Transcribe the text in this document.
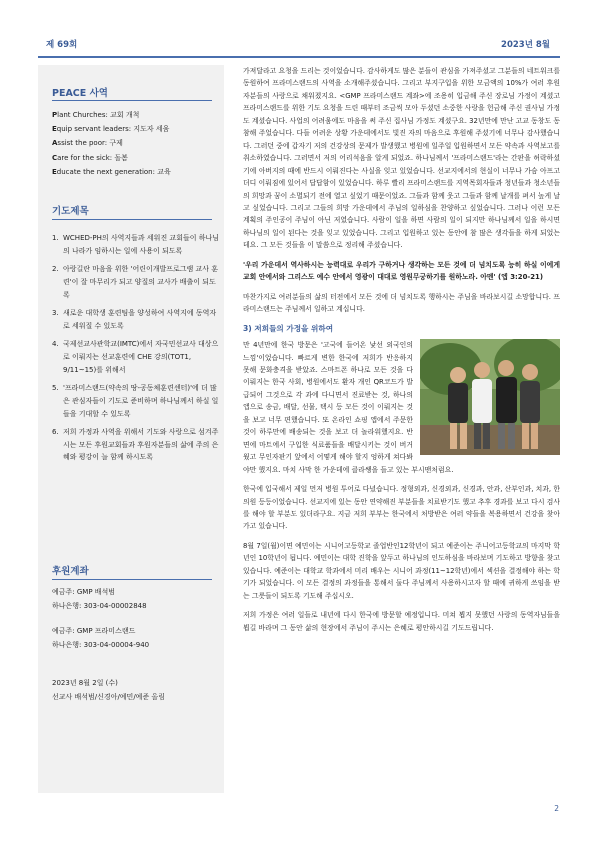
제 69회	2023년 8월
PEACE 사역
Plant Churches: 교회 개척
Equip servant leaders: 지도자 세움
Assist the poor: 구제
Care for the sick: 돌봄
Educate the next generation: 교육
기도제목
1. WCHED-PH의 사역지들과 세워진 교회들이 하나님의 나라가 임하시는 일에 사용이 되도록
2. 아랑길란 마음을 위한 '어린이개발프로그램 교사 훈련'이 잘 마무리가 되고 양질의 교사가 배출이 되도록
3. 새로운 대학생 훈련팀을 양성하여 사역지에 동역자로 세워질 수 있도록
4. 국제선교사관학교(IMTC)에서 자국민선교사 대상으로 이뤄지는 선교훈련에 CHE 강의(TOT1, 9/11~15)를 위해서
5. '프라미스랜드(약속의 땅-공동체훈련센터)'에 더 많은 관심자들이 기도로 준비하며 하나님께서 하실 일들을 기대할 수 있도록
6. 저희 가정과 사역을 위해서 기도와 사랑으로 섬겨주시는 모든 후원교회들과 후원자분들의 삶에 주의 은혜와 평강이 늘 함께 하시도록
후원계좌
예금주: GMP 배석범
하나은행: 303-04-00002848
예금주: GMP 프라미스랜드
하나은행: 303-04-00004-940
2023년 8월 2일 (수)
선교사 배석범/신경아/예민/예준 올림

가져달라고 요청을 드리는 것이었습니다. 감사하게도 많은 분들이 관심을 가져주셨고 그분들의 네트워크를 동원하여 프라미스랜드의 사역을 소개해주셨습니다. 그리고 부지구입을 위한 모금액의 10%가 여러 후원자분들의 사랑으로 채워졌지요. <GMP 프라미스랜드 계좌>에 조용히 입금해 주신 장로님 가정이 계셨고 프라미스랜드를 위한 기도 요청을 드린 때부터 조금씩 모아 두셨던 소중한 사랑을 헌금해 주신 권사님 가정도 계셨습니다. 사업의 어려움에도 마음을 써 주신 집사님 가정도 계셨구요. 32년만에 만난 고교 동창도 동참해 주었습니다. 다들 어려운 상황 가운데에서도 빛진 자의 마음으로 후원해 주셨기에 너무나 감사했습니다. 그러던 중에 갑자기 저의 건강상의 문제가 발생했고 병원에 일주일 입원하면서 모든 약속과 사역보고를 취소하였습니다. 그러면서 저의 어리석음을 알게 되었죠. 하나님께서 '프라미스랜드'라는 간판을 허락하셨기에 아버지의 때에 반드시 이뤄진다는 사실을 잊고 있었습니다. 선교지에서의 현실이 너무나 가슴 아프고 더디 이뤄짐에 있어서 답답함이 있었습니다. 하루 빨리 프라미스랜드를 지역목회자들과 청년들과 청소년들의 희망과 꿈이 소멸되기 전에 열고 싶었기 때문이었죠. 그들과 함께 웃고 그들과 함께 날개를 펴서 높게 날고 싶었습니다. 그리고 그들의 희망 가운데에서 주님의 일하심을 찬양하고 싶었습니다. 그러나 이런 모든 계획의 주인공이 주님이 아닌 저였습니다. 사람이 일을 하면 사람의 일이 되지만 하나님께서 일을 하시면 하나님의 일이 된다는 것을 잊고 있었습니다. 그리고 입원하고 있는 동안에 참 많은 생각들을 하게 되었는데요. 그 모든 것들을 이 말씀으로 정리해 주셨습니다.

'우리 가운데서 역사하시는 능력대로 우리가 구하거나 생각하는 모든 것에 더 넘치도록 능히 하실 이에게 교회 안에서와 그리스도 예수 안에서 영광이 대대로 영원무궁하기를 원하노라. 아멘' (엡 3:20-21)

마찬가지로 여러분들의 삶의 터전에서 모든 것에 더 넘치도록 행하시는 주님을 바라보시길 소망합니다. 프라미스랜드는 주님께서 일하고 계십니다.

3) 저희들의 가정을 위하여

만 4년만에 한국 방문은 '고국에 들어온 낯선 외국인의 느낌'이었습니다. 빠르게 변한 한국에 저희가 반응하지 못해 문화충격을 받았죠. 스마트폰 하나로 모든 것을 다 이뤄지는 한국 사회, 병원에서도 환자 개인 QR코드가 발급되어 그것으로 각 과에 다니면서 진료받는 것, 하나의 앱으로 송금, 배달, 선물, 택시 등 모든 것이 이뤄지는 것을 보고 너무 편했습니다. 또 온라인 쇼핑 앱에서 주문한 것이 하루만에 배송되는 것을 보고 더 놀라워했지요. 반면에 마트에서 구입한 식료품들을 배달시키는 것이 버거웠고 무인자판기 앞에서 어떻게 해야 할지 엉하게 쳐다봐야만 했지요. 마치 사막 한 가운데에 클라쌩을 들고 있는 부시맨처럼요.

한국에 입국해서 제일 먼저 병원 투어로 다녔습니다. 정형외과, 신경외과, 신경과, 안과, 산부인과, 치과, 한의원 등등이었습니다. 선교지에 있는 동안 연약해진 부분들을 치료받기도 했고 추후 경과를 보고 다시 검사를 해야 할 부분도 있더라구요. 지금 저희 부부는 한국에서 처방받은 여러 약들을 복용하면서 건강을 찾아가고 있습니다.

8월 7일(월)이면 예민이는 시니어고등학교 졸업반인12학년이 되고 예준이는 주니어고등학교의 마지막 학년인 10학년이 됩니다. 예민이는 대학 진학을 앞두고 하나님의 인도하심을 바라보며 기도하고 방향을 찾고 있습니다. 예준이는 대학교 학과에서 미리 배우는 시니어 과정(11~12학년)에서 섹션을 결정해야 하는 학기가 되었습니다. 이 모든 결정의 과정들을 통해서 둘다 주님께서 사용하시고자 할 때에 귀하게 쓰임을 받는 그릇들이 되도록 기도해 주십시오.

저희 가정은 여러 일들로 내년에 다시 한국에 방문할 예정입니다. 미쳐 뵙지 못했던 사랑의 동역자님들을 뵙길 바라며 그 동안 삶의 현장에서 주님이 주시는 은혜로 평안하시길 기도드립니다.

2
